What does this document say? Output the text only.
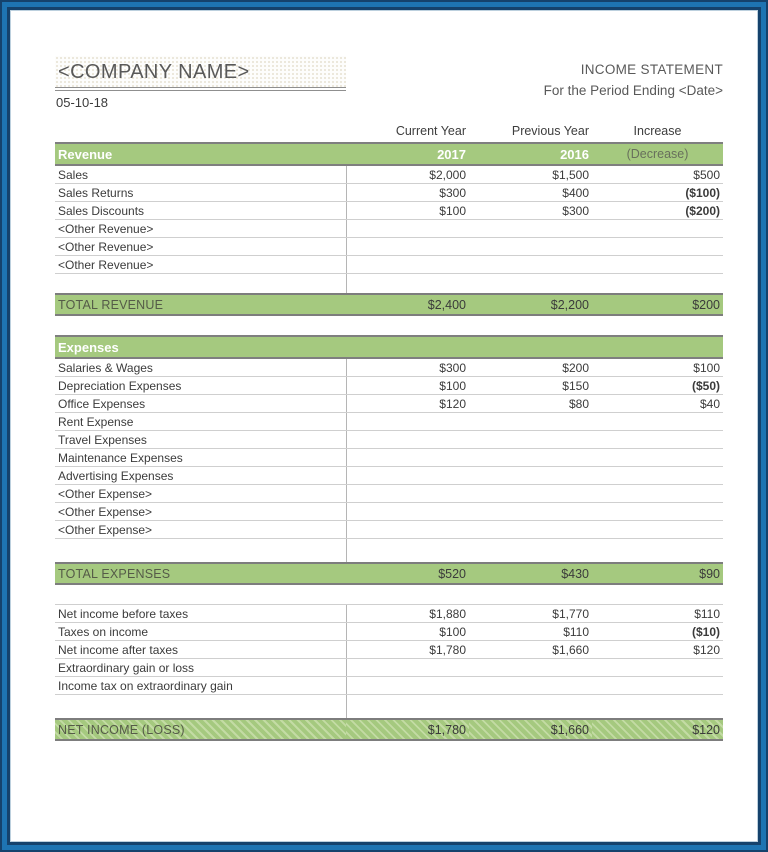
<COMPANY NAME>
05-10-18
INCOME STATEMENT
For the Period Ending <Date>
	Current Year	Previous Year	Increase
Revenue	2017	2016	(Decrease)
Sales	$2,000	$1,500	$500
Sales Returns	$300	$400	($100)
Sales Discounts	$100	$300	($200)
<Other Revenue>			
<Other Revenue>			
<Other Revenue>			

TOTAL REVENUE	$2,400	$2,200	$200

Expenses			
Salaries & Wages	$300	$200	$100
Depreciation Expenses	$100	$150	($50)
Office Expenses	$120	$80	$40
Rent Expense			
Travel Expenses			
Maintenance Expenses			
Advertising Expenses			
<Other Expense>			
<Other Expense>			
<Other Expense>			

TOTAL EXPENSES	$520	$430	$90

Net income before taxes	$1,880	$1,770	$110
Taxes on income	$100	$110	($10)
Net income after taxes	$1,780	$1,660	$120
Extraordinary gain or loss			
Income tax on extraordinary gain			

NET INCOME (LOSS)	$1,780	$1,660	$120
